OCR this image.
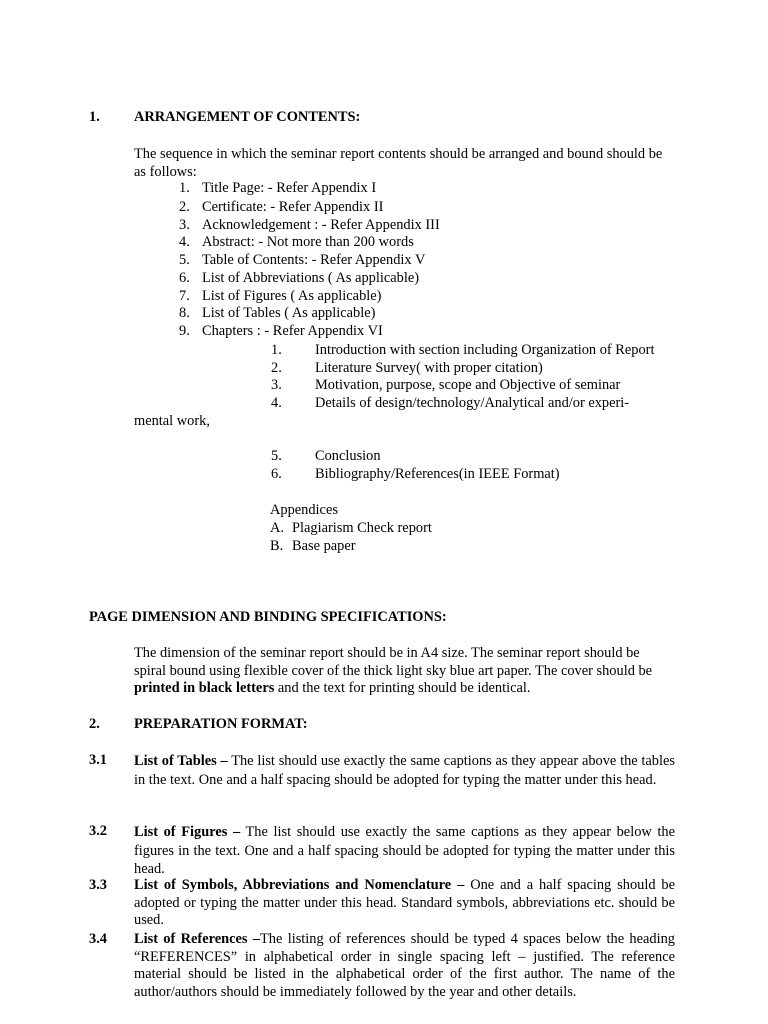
1. ARRANGEMENT OF CONTENTS:
The sequence in which the seminar report contents should be arranged and bound should be as follows:
1. Title Page: - Refer Appendix I
2. Certificate: - Refer Appendix II
3. Acknowledgement : - Refer Appendix III
4. Abstract: - Not more than 200 words
5. Table of Contents: - Refer Appendix V
6. List of Abbreviations ( As applicable)
7. List of Figures ( As applicable)
8. List of Tables ( As applicable)
9. Chapters : - Refer Appendix VI
1. Introduction with section including Organization of Report
2. Literature Survey( with proper citation)
3. Motivation, purpose, scope and Objective of seminar
4. Details of design/technology/Analytical and/or experi-
mental work,
5. Conclusion
6. Bibliography/References(in IEEE Format)
Appendices
A. Plagiarism Check report
B. Base paper
PAGE DIMENSION AND BINDING SPECIFICATIONS:
The dimension of the seminar report should be in A4 size. The seminar report should be spiral bound using flexible cover of the thick light sky blue art paper. The cover should be printed in black letters and the text for printing should be identical.
2. PREPARATION FORMAT:
3.1 List of Tables – The list should use exactly the same captions as they appear above the tables in the text. One and a half spacing should be adopted for typing the matter under this head.
3.2 List of Figures – The list should use exactly the same captions as they appear below the figures in the text. One and a half spacing should be adopted for typing the matter under this head.
3.3 List of Symbols, Abbreviations and Nomenclature – One and a half spacing should be adopted or typing the matter under this head. Standard symbols, abbreviations etc. should be used.
3.4 List of References –The listing of references should be typed 4 spaces below the heading “REFERENCES” in alphabetical order in single spacing left – justified. The reference material should be listed in the alphabetical order of the first author. The name of the author/authors should be immediately followed by the year and other details.
